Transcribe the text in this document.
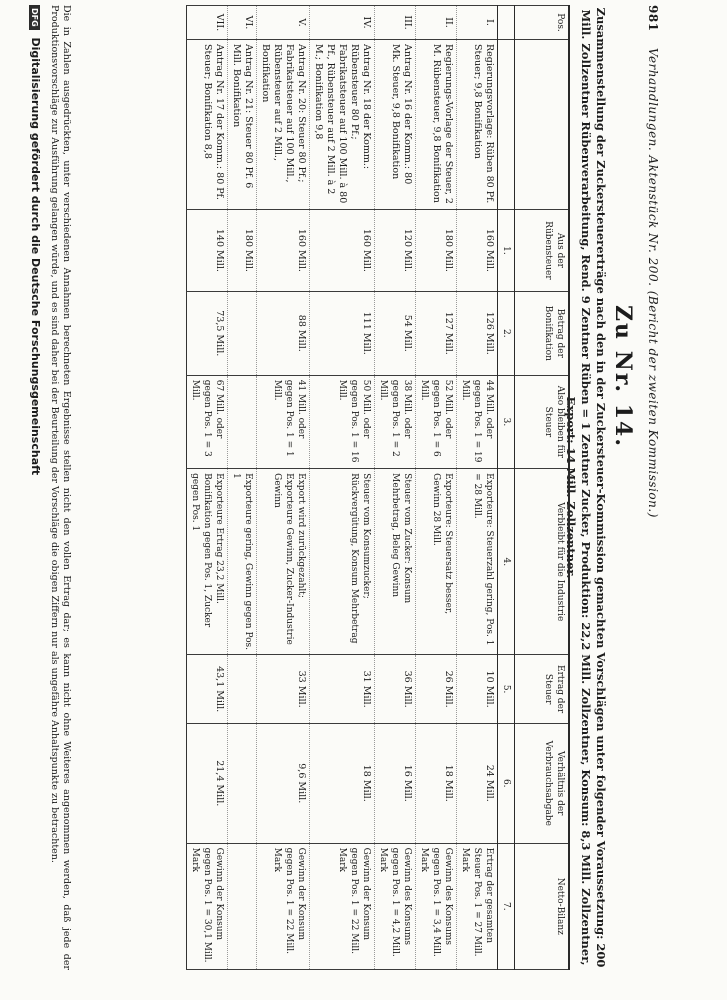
981 Verhandlungen. Aktenstück Nr. 200. (Bericht der zweiten Kommission.)
Zu Nr. 14.
Zusammenstellung der Zuckersteuererträge nach den in der Zuckersteuer-Kommission gemachten Vorschlägen unter folgender Voraussetzung: 200 Mill. Zollzentner Rübenverarbeitung, Rend. 9 Zentner Rüben = 1 Zentner Zucker, Produktion: 22,2 Mill. Zollzentner, Konsum: 8,3 Mill. Zollzentner, Export: 14 Mill. Zollzentner.
Pos.		Aus der Rübensteuer	Betrag der Bonifikation	Also bleiben für Steuer	Verbleibt für die Industrie	Ertrag der Steuer	Verhältnis der Verbrauchsabgabe	Netto-Bilanz
		1.	2.	3.	4.	5.	6.	7.
I.	Regierungsvorlage: Rüben 80 Pf. Steuer; 9,8 Bonifikation	160 Mill.	126 Mill.	44 Mill. oder gegen Pos. 1 = 19 Mill.	Exporteure: Steuerzahl gering, Pos. 1 = 28 Mill.	10 Mill.	24 Mill.	Ertrag der gesamten Steuer Pos. 1 = 27 Mill. Mark
II.	Regierungs-Vorlage der Steuer, 2 M. Rübensteuer, 9,8 Bonifikation	180 Mill.	127 Mill.	52 Mill. oder gegen Pos. 1 = 6 Mill.	Exporteure: Steuersatz besser, Gewinn 28 Mill.	26 Mill.	18 Mill.	Gewinn des Konsums gegen Pos. 1 = 3,4 Mill. Mark
III.	Antrag Nr. 16 der Komm.: 80 Mk. Steuer, 9,8 Bonifikation	120 Mill.	54 Mill.	38 Mill. oder gegen Pos. 1 = 2 Mill.	Steuer vom Zucker: Konsum Mehrbetrag, Beleg Gewinn	36 Mill.	16 Mill.	Gewinn des Konsums gegen Pos. 1 = 4,2 Mill. Mark
IV.	Antrag Nr. 18 der Komm.: Rübensteuer 80 Pf.; Fabrikatsteuer auf 100 Mill. à 80 Pf., Rübensteuer auf 2 Mill. à 2 M.; Bonifikation 9,8	160 Mill.	111 Mill.	50 Mill. oder gegen Pos. 1 = 16 Mill.	Steuer vom Konsumzucker; Rückvergütung, Konsum Mehrbetrag	31 Mill.	18 Mill.	Gewinn der Konsum gegen Pos. 1 = 22 Mill. Mark
V.	Antrag Nr. 20: Steuer 80 Pf.; Fabrikatsteuer auf 100 Mill., Rübensteuer auf 2 Mill., Bonifikation	160 Mill.	88 Mill.	41 Mill. oder gegen Pos. 1 = 1 Mill.	Export wird zurückgezahlt; Exporteure Gewinn, Zucker-Industrie Gewinn	33 Mill.	9,6 Mill.	Gewinn der Konsum gegen Pos. 1 = 22 Mill. Mark
VI.	Antrag Nr. 21: Steuer 80 Pf. 6 Mill. Bonifikation	180 Mill.			Exporteure gering, Gewinn gegen Pos. 1			
VII.	Antrag Nr. 17 der Komm.: 80 Pf. Steuer; Bonifikation 8,8	140 Mill.	73,5 Mill.	67 Mill. oder gegen Pos. 1 = 3 Mill.	Exporteure Ertrag 23,2 Mill. Bonifikation gegen Pos. 1, Zucker gegen Pos. 1	43,1 Mill.	21,4 Mill.	Gewinn der Konsum gegen Pos. 1 = 30,1 Mill. Mark
Die in Zahlen ausgedrückten, unter verschiedenen Annahmen berechneten Ergebnisse stellen nicht den vollen Ertrag dar; es kann nicht ohne Weiteres angenommen werden, daß jede der Produktionsvorschläge zur Ausführung gelangen würde, und es sind daher bei der Beurteilung der Vorschläge die obigen Ziffern nur als ungefähre Anhaltspunkte zu betrachten.
DFG Digitalisierung gefördert durch die Deutsche Forschungsgemeinschaft
